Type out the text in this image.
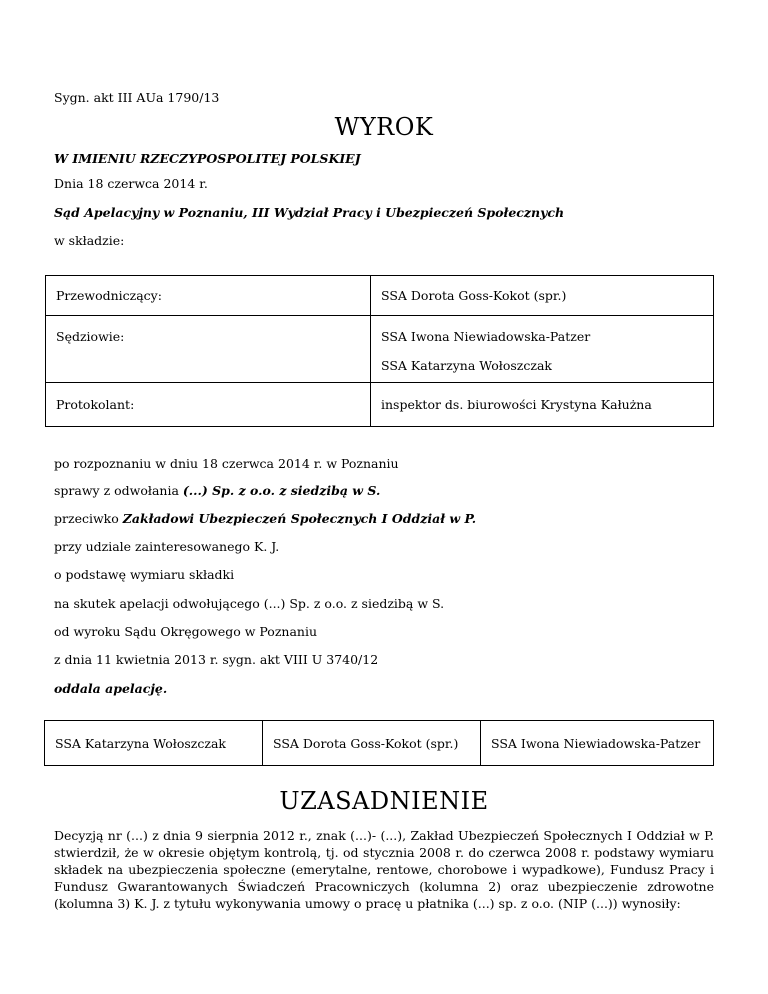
Sygn. akt III AUa 1790/13
WYROK
W IMIENIU RZECZYPOSPOLITEJ POLSKIEJ
Dnia 18 czerwca 2014 r.
Sąd Apelacyjny w Poznaniu, III Wydział Pracy i Ubezpieczeń Społecznych
w składzie:
Przewodniczący:	SSA Dorota Goss-Kokot (spr.)
Sędziowie:	SSA Iwona Niewiadowska-Patzer
SSA Katarzyna Wołoszczak

Protokolant:	inspektor ds. biurowości Krystyna Kałużna
po rozpoznaniu w dniu 18 czerwca 2014 r. w Poznaniu
sprawy z odwołania (...) Sp. z o.o. z siedzibą w S.
przeciwko Zakładowi Ubezpieczeń Społecznych I Oddział w P.
przy udziale zainteresowanego K. J.
o podstawę wymiaru składki
na skutek apelacji odwołującego (...) Sp. z o.o. z siedzibą w S.
od wyroku Sądu Okręgowego w Poznaniu
z dnia 11 kwietnia 2013 r. sygn. akt VIII U 3740/12
oddala apelację.
SSA Katarzyna Wołoszczak	SSA Dorota Goss-Kokot (spr.)	SSA Iwona Niewiadowska-Patzer
UZASADNIENIE
Decyzją nr (...) z dnia 9 sierpnia 2012 r., znak (...)- (...), Zakład Ubezpieczeń Społecznych I Oddział w P. stwierdził, że w okresie objętym kontrolą, tj. od stycznia 2008 r. do czerwca 2008 r. podstawy wymiaru składek na ubezpieczenia społeczne (emerytalne, rentowe, chorobowe i wypadkowe), Fundusz Pracy i Fundusz Gwarantowanych Świadczeń Pracowniczych (kolumna 2) oraz ubezpieczenie zdrowotne (kolumna 3) K. J. z tytułu wykonywania umowy o pracę u płatnika (...) sp. z o.o. (NIP (...)) wynosiły:
